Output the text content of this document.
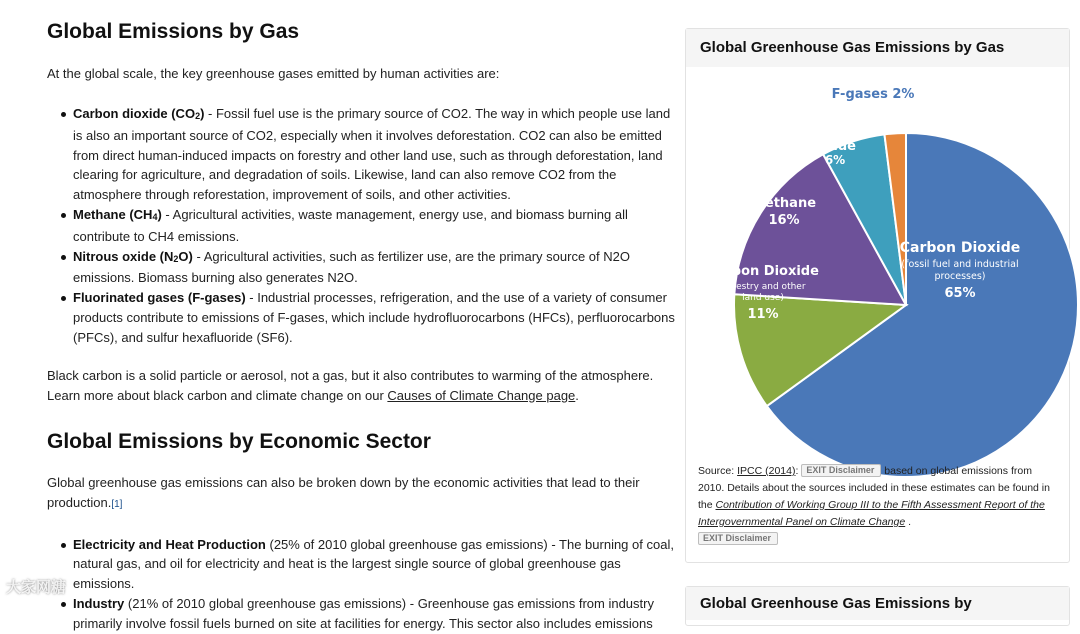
Global Emissions by Gas

At the global scale, the key greenhouse gases emitted by human activities are:

Carbon dioxide $(CO_2)$ - Fossil fuel use is the primary source of CO2. The way in which people use land is also an important source of CO2, especially when it involves deforestation. CO2 can also be emitted from direct human-induced impacts on forestry and other land use, such as through deforestation, land clearing for agriculture, and degradation of soils. Likewise, land can also remove CO2 from the atmosphere through reforestation, improvement of soils, and other activities.
Methane $(CH_4)$ - Agricultural activities, waste management, energy use, and biomass burning all contribute to CH4 emissions.
Nitrous oxide $(N_2O)$ - Agricultural activities, such as fertilizer use, are the primary source of N2O emissions. Biomass burning also generates N2O.
Fluorinated gases (F-gases) - Industrial processes, refrigeration, and the use of a variety of consumer products contribute to emissions of F-gases, which include hydrofluorocarbons (HFCs), perfluorocarbons (PFCs), and sulfur hexafluoride (SF6).

Black carbon is a solid particle or aerosol, not a gas, but it also contributes to warming of the atmosphere. Learn more about black carbon and climate change on our Causes of Climate Change page.

Global Emissions by Economic Sector

Global greenhouse gas emissions can also be broken down by the economic activities that lead to their production.[1]

Electricity and Heat Production (25% of 2010 global greenhouse gas emissions) - The burning of coal, natural gas, and oil for electricity and heat is the largest single source of global greenhouse gas emissions.
Industry (21% of 2010 global greenhouse gas emissions) - Greenhouse gas emissions from industry primarily involve fossil fuels burned on site at facilities for energy. This sector also includes emissions
Global Greenhouse Gas Emissions by Gas
Carbon Dioxide
(fossil fuel and industrial
processes)
65%
Carbon Dioxide
(forestry and other
land use)
11%
Methane
16%
Nitrous
Oxide
6%
F-gases 2%
Source: IPCC (2014): EXIT Disclaimer based on global emissions from 2010. Details about the sources included in these estimates can be found in the Contribution of Working Group III to the Fifth Assessment Report of the Intergovernmental Panel on Climate Change .
EXIT Disclaimer
Global Greenhouse Gas Emissions by
大家网糖
